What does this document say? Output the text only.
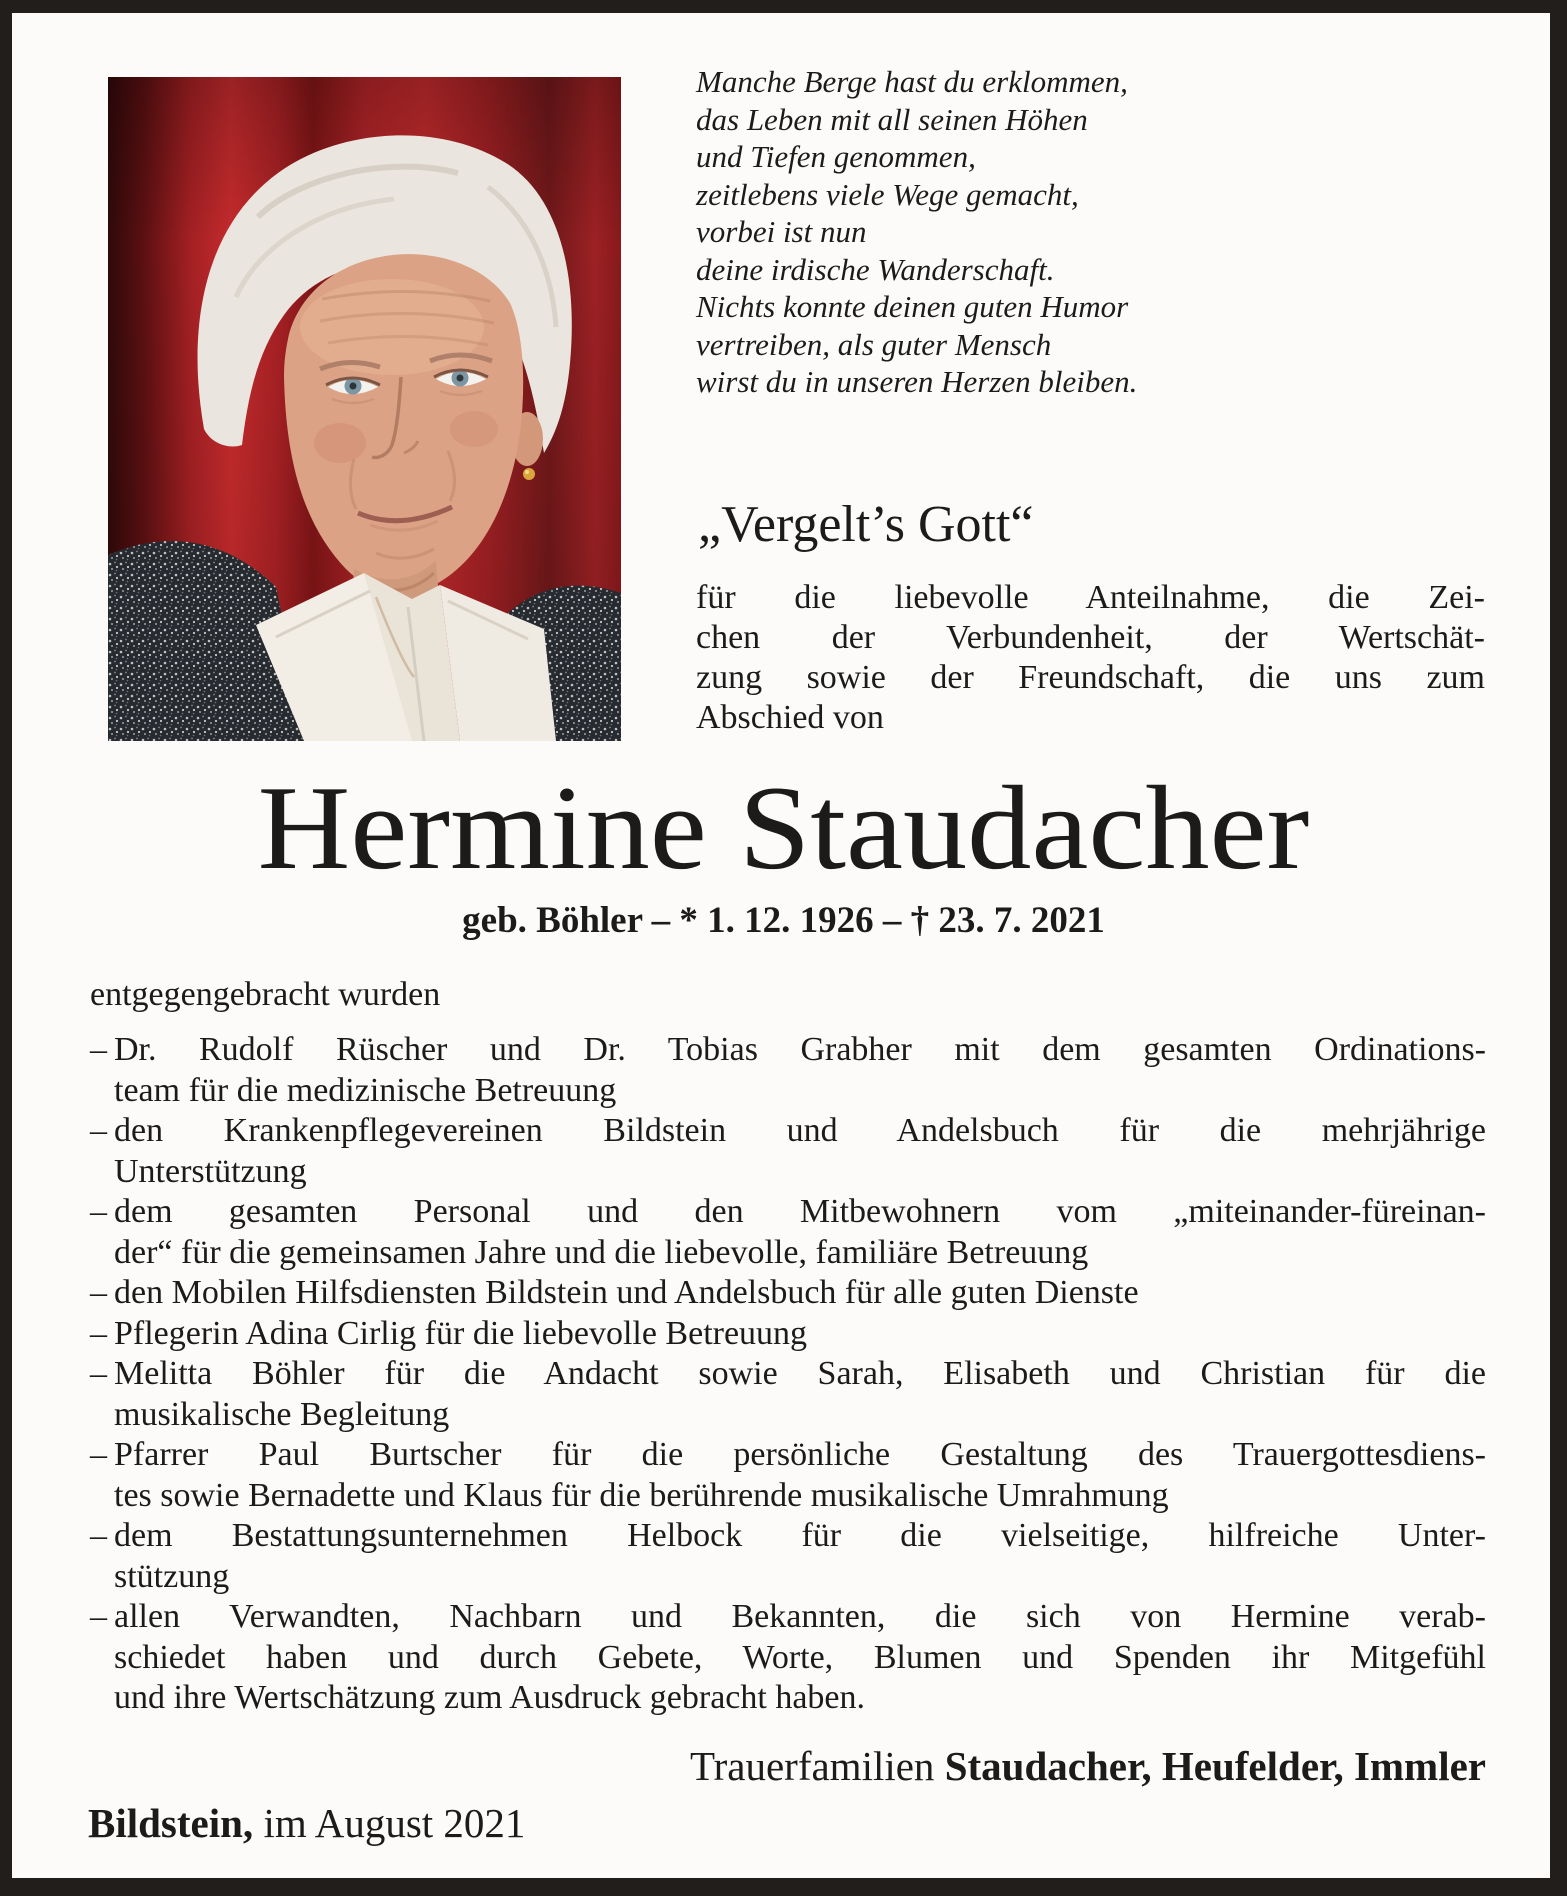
Manche Berge hast du erklommen,
das Leben mit all seinen Höhen
und Tiefen genommen,
zeitlebens viele Wege gemacht,
vorbei ist nun
deine irdische Wanderschaft.
Nichts konnte deinen guten Humor
vertreiben, als guter Mensch
wirst du in unseren Herzen bleiben.
„Vergelt’s Gott“
für die liebevolle Anteilnahme, die Zei-
chen der Verbundenheit, der Wertschät-
zung sowie der Freundschaft, die uns zum
Abschied von
Hermine Staudacher
geb. Böhler – * 1. 12. 1926 – † 23. 7. 2021
entgegengebracht wurden
– Dr. Rudolf Rüscher und Dr. Tobias Grabher mit dem gesamten Ordinations-
team für die medizinische Betreuung
– den Krankenpflegevereinen Bildstein und Andelsbuch für die mehrjährige
Unterstützung
– dem gesamten Personal und den Mitbewohnern vom „miteinander-füreinan-
der“ für die gemeinsamen Jahre und die liebevolle, familiäre Betreuung
– den Mobilen Hilfsdiensten Bildstein und Andelsbuch für alle guten Dienste
– Pflegerin Adina Cirlig für die liebevolle Betreuung
– Melitta Böhler für die Andacht sowie Sarah, Elisabeth und Christian für die
musikalische Begleitung
– Pfarrer Paul Burtscher für die persönliche Gestaltung des Trauergottesdiens-
tes sowie Bernadette und Klaus für die berührende musikalische Umrahmung
– dem Bestattungsunternehmen Helbock für die vielseitige, hilfreiche Unter-
stützung
– allen Verwandten, Nachbarn und Bekannten, die sich von Hermine verab-
schiedet haben und durch Gebete, Worte, Blumen und Spenden ihr Mitgefühl
und ihre Wertschätzung zum Ausdruck gebracht haben.
Trauerfamilien Staudacher, Heufelder, Immler
Bildstein, im August 2021
